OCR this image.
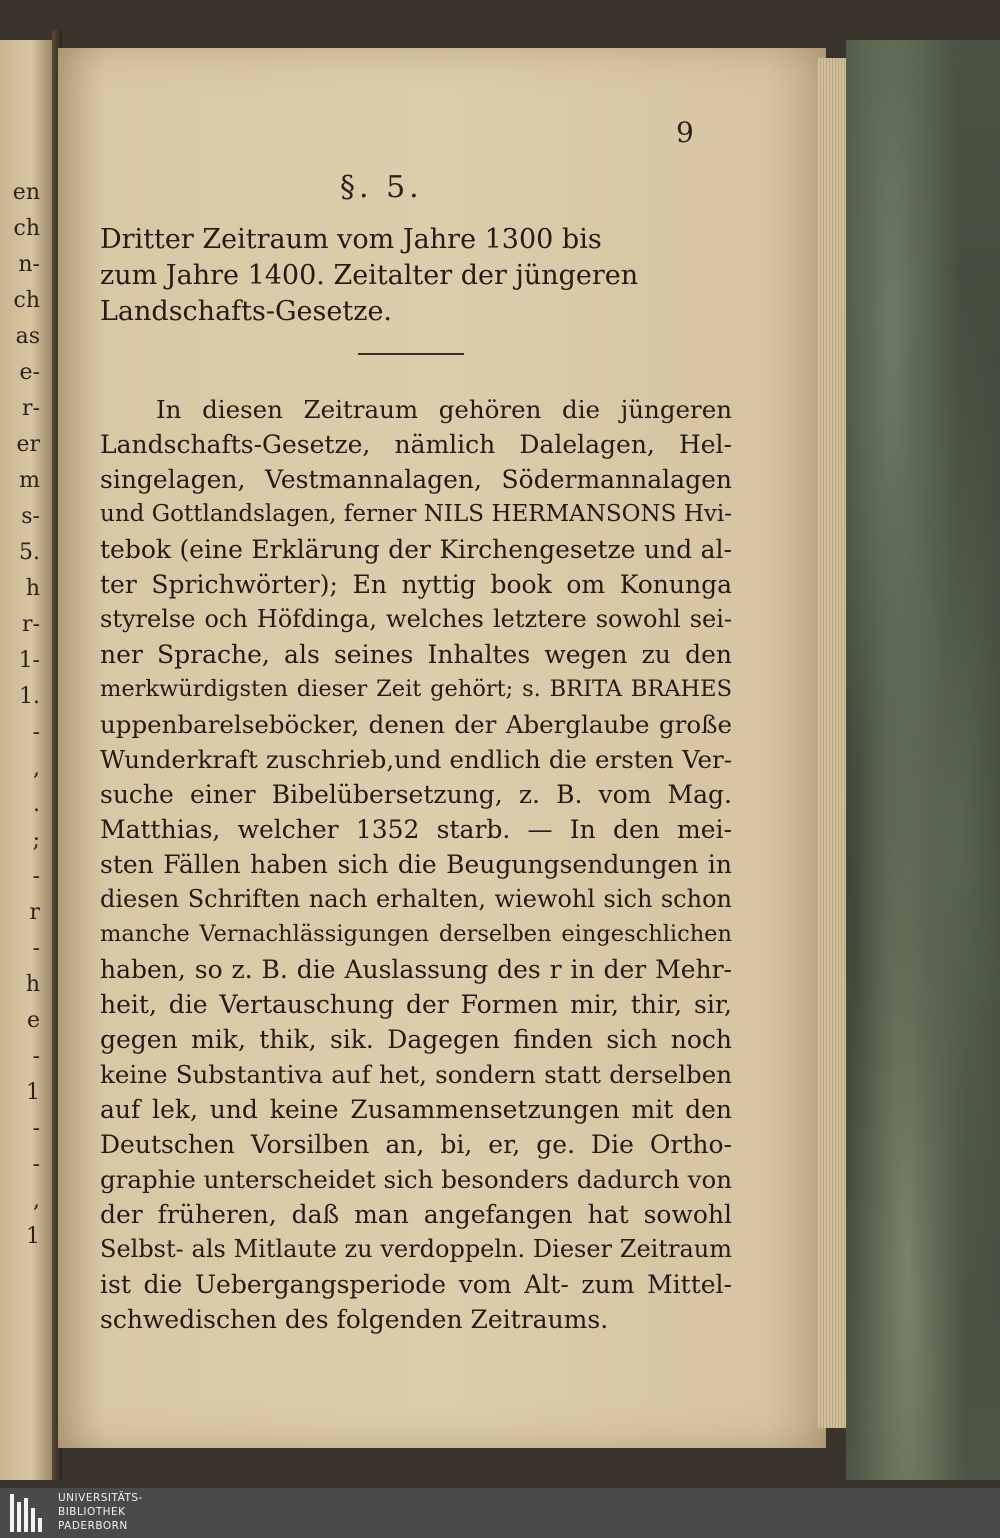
en
ch
n-
ch
as
e-
r-
er
m
s-
5.
h
r-
1-
1.
-
,
.
;
-
r
-
h
e
-
1
-
-
,
1
9
§. 5.
Dritter Zeitraum vom Jahre 1300 bis
zum Jahre 1400. Zeitalter der jüngeren
Landschafts-Gesetze.
In diesen Zeitraum gehören die jüngeren
Landschafts-Gesetze, nämlich Dalelagen, Hel-
singelagen, Vestmannalagen, Södermannalagen
und Gottlandslagen, ferner NILS HERMANSONS Hvi-
tebok (eine Erklärung der Kirchengesetze und al-
ter Sprichwörter); En nyttig book om Konunga
styrelse och Höfdinga, welches letztere sowohl sei-
ner Sprache, als seines Inhaltes wegen zu den
merkwürdigsten dieser Zeit gehört; s. BRITA BRAHES
uppenbarelseböcker, denen der Aberglaube große
Wunderkraft zuschrieb,und endlich die ersten Ver-
suche einer Bibelübersetzung, z. B. vom Mag.
Matthias, welcher 1352 starb. — In den mei-
sten Fällen haben sich die Beugungsendungen in
diesen Schriften nach erhalten, wiewohl sich schon
manche Vernachlässigungen derselben eingeschlichen
haben, so z. B. die Auslassung des r in der Mehr-
heit, die Vertauschung der Formen mir, thir, sir,
gegen mik, thik, sik. Dagegen finden sich noch
keine Substantiva auf het, sondern statt derselben
auf lek, und keine Zusammensetzungen mit den
Deutschen Vorsilben an, bi, er, ge. Die Ortho-
graphie unterscheidet sich besonders dadurch von
der früheren, daß man angefangen hat sowohl
Selbst- als Mitlaute zu verdoppeln. Dieser Zeitraum
ist die Uebergangsperiode vom Alt- zum Mittel-
schwedischen des folgenden Zeitraums.
UNIVERSITÄTS-
BIBLIOTHEK
PADERBORN
